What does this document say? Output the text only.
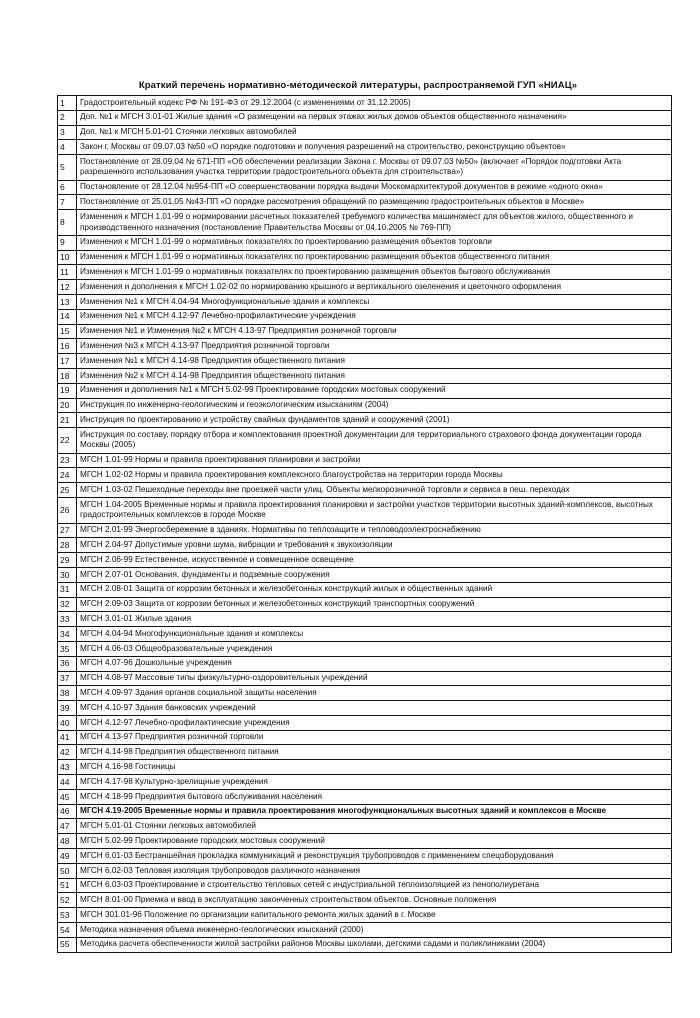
Краткий перечень нормативно-методической литературы, распространяемой ГУП «НИАЦ»
1	Градостроительный кодекс РФ № 191-ФЗ от 29.12.2004 (с изменениями от 31.12.2005)
2	Доп. №1 к МГСН 3.01-01 Жилые здания «О размещении на первых этажах жилых домов объектов общественного назначения»
3	Доп. №1 к МГСН 5.01-01 Стоянки легковых автомобилей
4	Закон г. Москвы от 09.07.03 №50 «О порядке подготовки и получения разрешений на строительство, реконструкцию объектов»
5	Постановление от 28.09.04 № 671-ПП «Об обеспечении реализации Закона г. Москвы от 09.07.03 №50» (включает «Порядок подготовки Акта разрешенного использования участка территории градостроительного объекта для строительства»)
6	Постановление от 28.12.04 №954-ПП «О совершенствовании порядка выдачи Москомархитектурой документов в режиме «одного окна»
7	Постановление от 25.01.05 №43-ПП «О порядке рассмотрения обращений по размещению градостроительных объектов в Москве»
8	Изменения к МГСН 1.01-99 о нормировании расчетных показателей требуемого количества машиномест для объектов жилого, общественного и производственного назначения (постановление Правительства Москвы от 04.10.2005 № 769-ПП)
9	Изменения к МГСН 1.01-99 о нормативных показателях по проектированию размещения объектов торговли
10	Изменения к МГСН 1.01-99 о нормативных показателях по проектированию размещения объектов общественного питания
11	Изменения к МГСН 1.01-99 о нормативных показателях по проектированию размещения объектов бытового обслуживания
12	Изменения и дополнения к МГСН 1.02-02 по нормированию крышного и вертикального озеленения и цветочного оформления
13	Изменения №1 к МГСН 4.04-94 Многофункциональные здания и комплексы
14	Изменения №1 к МГСН 4.12-97 Лечебно-профилактические учреждения
15	Изменения №1 и Изменения №2 к МГСН 4.13-97 Предприятия розничной торговли
16	Изменения №3 к МГСН 4.13-97 Предприятия розничной торговли
17	Изменения №1 к МГСН 4.14-98 Предприятия общественного питания
18	Изменения №2 к МГСН 4.14-98 Предприятия общественного питания
19	Изменения и дополнения №1 к МГСН 5.02-99 Проектирование городских мостовых сооружений
20	Инструкция по инженерно-геологическим и геоэкологическим изысканиям (2004)
21	Инструкция по проектированию и устройству свайных фундаментов зданий и сооружений (2001)
22	Инструкция по составу, порядку отбора и комплектования проектной документации для территориального страхового фонда документации города Москвы (2005)
23	МГСН 1.01-99 Нормы и правила проектирования планировки и застройки
24	МГСН 1.02-02 Нормы и правила проектирования комплексного благоустройства на территории города Москвы
25	МГСН 1.03-02 Пешеходные переходы вне проезжей части улиц. Объекты мелкорозничной торговли и сервиса в пеш. переходах
26	МГСН 1.04-2005 Временные нормы и правила проектирования планировки и застройки участков территории высотных зданий-комплексов, высотных градостроительных комплексов в городе Москве
27	МГСН 2.01-99 Энергосбережение в зданиях. Нормативы по теплозащите и тепловодоэлектроснабжению
28	МГСН 2.04-97 Допустимые уровни шума, вибрации и требования к звукоизоляции
29	МГСН 2.06-99 Естественное, искусственное и совмещенное освещение
30	МГСН 2.07-01 Основания, фундаменты и подземные сооружения
31	МГСН 2.08-01 Защита от коррозии бетонных и железобетонных конструкций жилых и общественных зданий
32	МГСН 2.09-03 Защита от коррозии бетонных и железобетонных конструкций транспортных сооружений
33	МГСН 3.01-01 Жилые здания
34	МГСН 4.04-94 Многофункциональные здания и комплексы
35	МГСН 4.06-03 Общеобразовательные учреждения
36	МГСН 4.07-96 Дошкольные учреждения
37	МГСН 4.08-97 Массовые типы физкультурно-оздоровительных учреждений
38	МГСН 4.09-97 Здания органов социальной защиты населения
39	МГСН 4.10-97 Здания банковских учреждений
40	МГСН 4.12-97 Лечебно-профилактические учреждения
41	МГСН 4.13-97 Предприятия розничной торговли
42	МГСН 4.14-98 Предприятия общественного питания
43	МГСН 4.16-98 Гостиницы
44	МГСН 4.17-98 Культурно-зрелищные учреждения
45	МГСН 4.18-99 Предприятия бытового обслуживания населения
46	МГСН 4.19-2005 Временные нормы и правила проектирования многофункциональных высотных зданий и комплексов в Москве
47	МГСН 5.01-01 Стоянки легковых автомобилей
48	МГСН 5.02-99 Проектирование городских мостовых сооружений
49	МГСН 6.01-03 Бестраншейная прокладка коммуникаций и реконструкция трубопроводов с применением спецоборудования
50	МГСН 6.02-03 Тепловая изоляция трубопроводов различного назначения
51	МГСН 6.03-03 Проектирование и строительство тепловых сетей с индустриальной теплоизоляцией из пенополиуретана
52	МГСН 8.01-00 Приемка и ввод в эксплуатацию законченных строительством объектов. Основные положения
53	МГСН 301.01-96 Положение по организации капитального ремонта жилых зданий в г. Москве
54	Методика назначения объема инженерно-геологических изысканий (2000)
55	Методика расчета обеспеченности жилой застройки районов Москвы школами, детскими садами и поликлиниками (2004)
